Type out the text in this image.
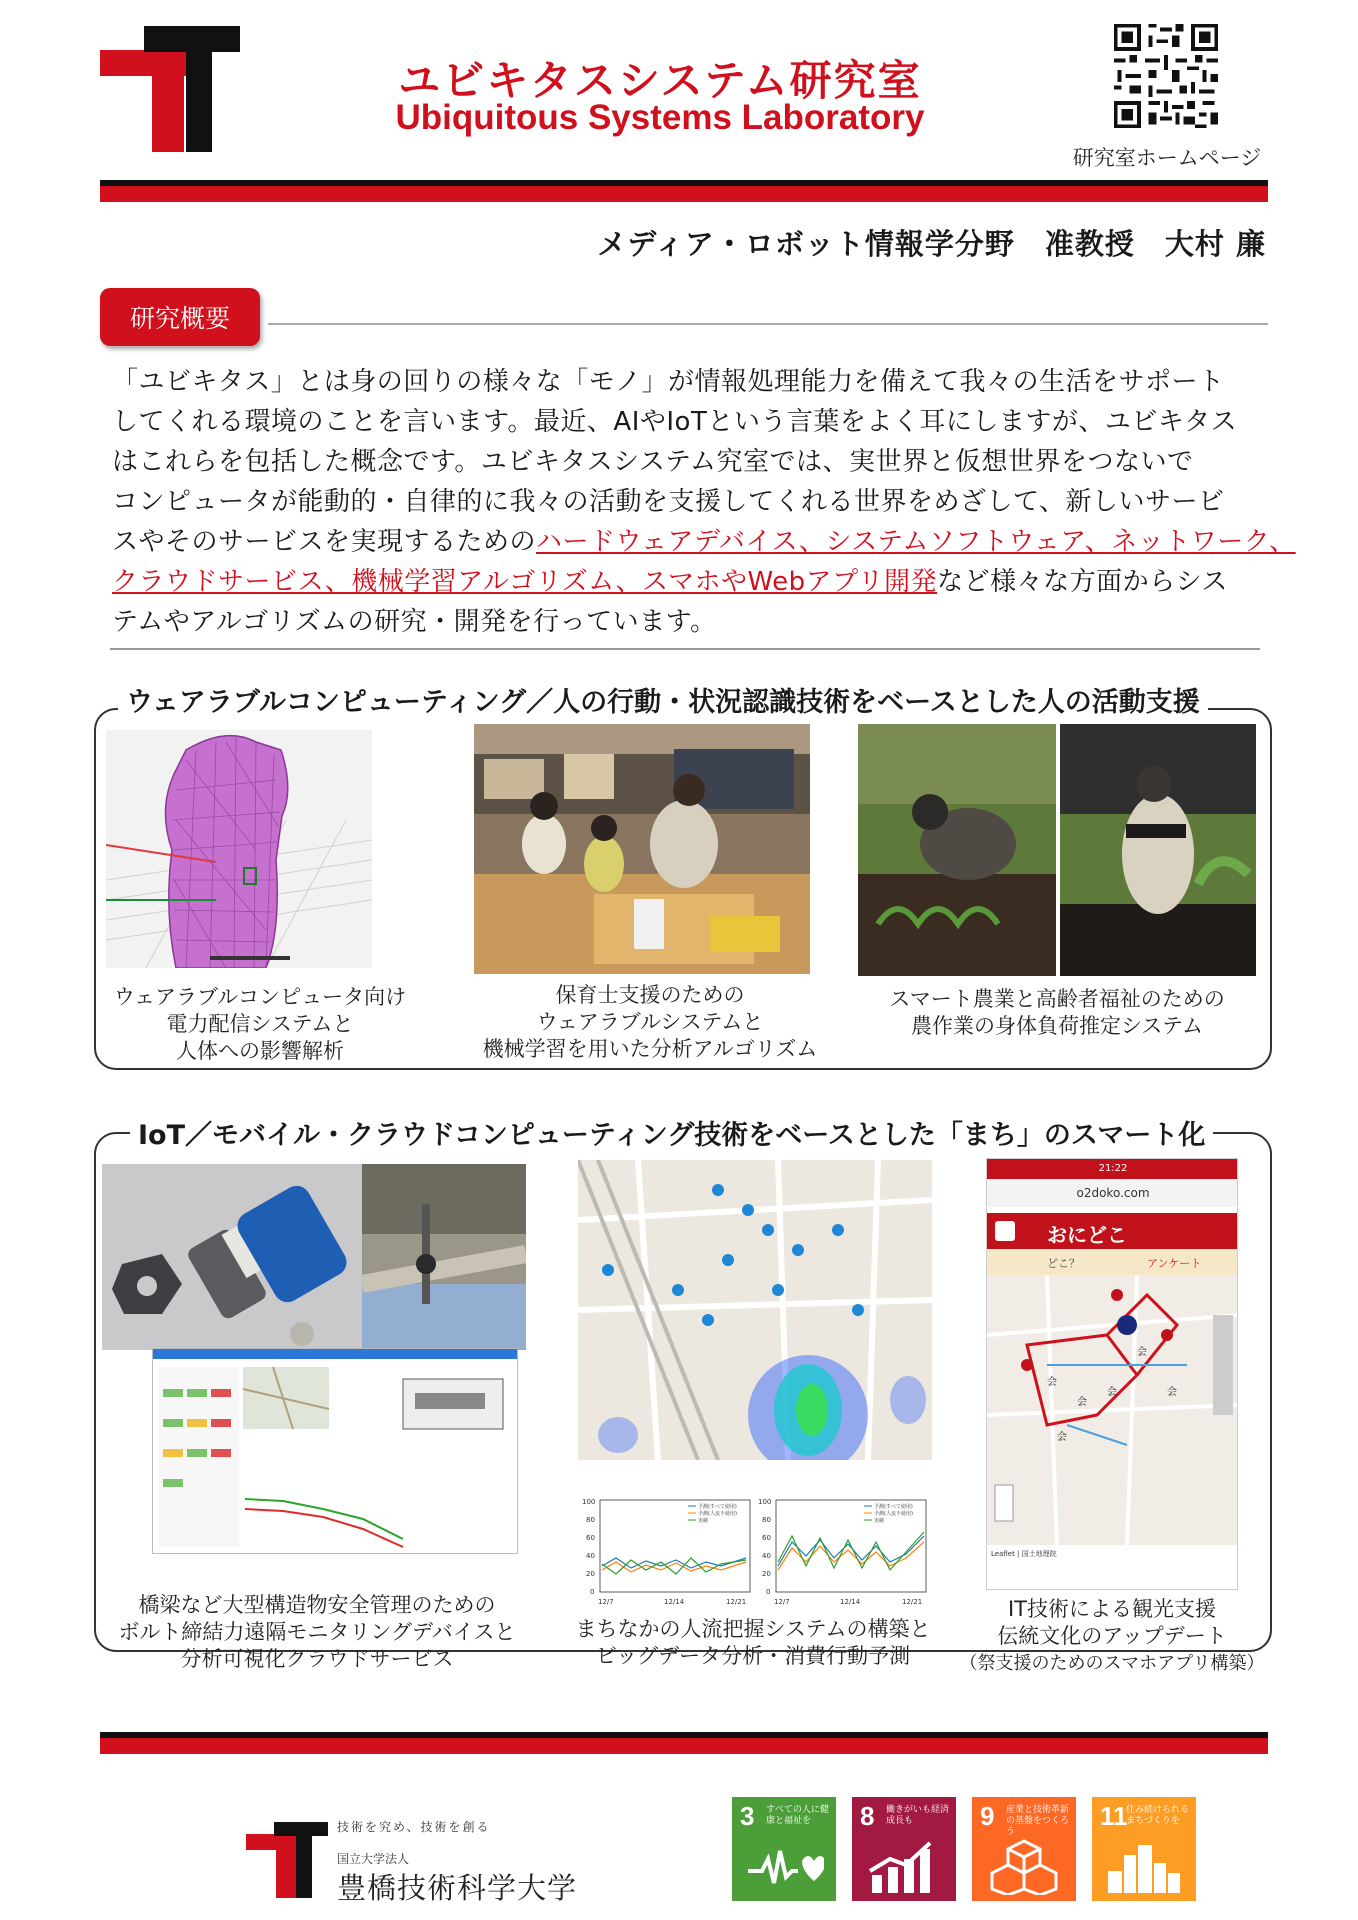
ユビキタスシステム研究室
Ubiquitous Systems Laboratory
研究室ホームページ
メディア・ロボット情報学分野　准教授　大村 廉
研究概要
「ユビキタス」とは身の回りの様々な「モノ」が情報処理能力を備えて我々の生活をサポート
してくれる環境のことを言います。最近、AIやIoTという言葉をよく耳にしますが、ユビキタス
はこれらを包括した概念です。ユビキタスシステム究室では、実世界と仮想世界をつないで
コンピュータが能動的・自律的に我々の活動を支援してくれる世界をめざして、新しいサービ
スやそのサービスを実現するためのハードウェアデバイス、システムソフトウェア、ネットワーク、
クラウドサービス、機械学習アルゴリズム、スマホやWebアプリ開発など様々な方面からシス
テムやアルゴリズムの研究・開発を行っています。
ウェアラブルコンピューティング／人の行動・状況認識技術をベースとした人の活動支援
ウェアラブルコンピュータ向け
電力配信システムと
人体への影響解析
保育士支援のための
ウェアラブルシステムと
機械学習を用いた分析アルゴリズム
スマート農業と高齢者福祉のための
農作業の身体負荷推定システム
IoT／モバイル・クラウドコンピューティング技術をベースとした「まち」のスマート化
100
80
60
40
20
0
12/7	12/14	12/21
予測(すべて使用)
予測(人流不使用)
実績
100
80
60
40
20
0
12/7	12/14	12/21
予測(すべて使用)
予測(人流不使用)
実績
21:22
o2doko.com
おにどこ
どこ？	アンケート
会
会
会
会
会
会
Leaflet | 国土地理院
橋梁など大型構造物安全管理のための
ボルト締結力遠隔モニタリングデバイスと
分析可視化クラウドサービス
まちなかの人流把握システムの構築と
ビッグデータ分析・消費行動予測
IT技術による観光支援
伝統文化のアップデート
（祭支援のためのスマホアプリ構築）
技術を究め、技術を創る
国立大学法人
豊橋技術科学大学
3 すべての人に健康と福祉を	8 働きがいも経済成長も	9 産業と技術革新の基盤をつくろう
11
住み続けられるまちづくりを
